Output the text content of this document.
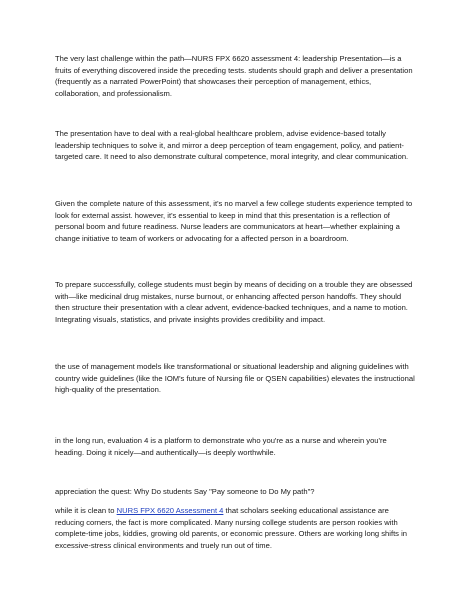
The very last challenge within the path—NURS FPX 6620 assessment 4: leadership Presentation—is a fruits of everything discovered inside the preceding tests. students should graph and deliver a presentation (frequently as a narrated PowerPoint) that showcases their perception of management, ethics, collaboration, and professionalism.

The presentation have to deal with a real-global healthcare problem, advise evidence-based totally leadership techniques to solve it, and mirror a deep perception of team engagement, policy, and patient-targeted care. It need to also demonstrate cultural competence, moral integrity, and clear communication.

Given the complete nature of this assessment, it's no marvel a few college students experience tempted to look for external assist. however, it's essential to keep in mind that this presentation is a reflection of personal boom and future readiness. Nurse leaders are communicators at heart—whether explaining a change initiative to team of workers or advocating for a affected person in a boardroom.

To prepare successfully, college students must begin by means of deciding on a trouble they are obsessed with—like medicinal drug mistakes, nurse burnout, or enhancing affected person handoffs. They should then structure their presentation with a clear advent, evidence-backed techniques, and a name to motion. Integrating visuals, statistics, and private insights provides credibility and impact.

the use of management models like transformational or situational leadership and aligning guidelines with country wide guidelines (like the IOM's future of Nursing file or QSEN capabilities) elevates the instructional high-quality of the presentation.

in the long run, evaluation 4 is a platform to demonstrate who you're as a nurse and wherein you're heading. Doing it nicely—and authentically—is deeply worthwhile.

appreciation the quest: Why Do students Say "Pay someone to Do My path"?

while it is clean to NURS FPX 6620 Assessment 4 that scholars seeking educational assistance are reducing corners, the fact is more complicated. Many nursing college students are person rookies with complete-time jobs, kiddies, growing old parents, or economic pressure. Others are working long shifts in excessive-stress clinical environments and truely run out of time.
